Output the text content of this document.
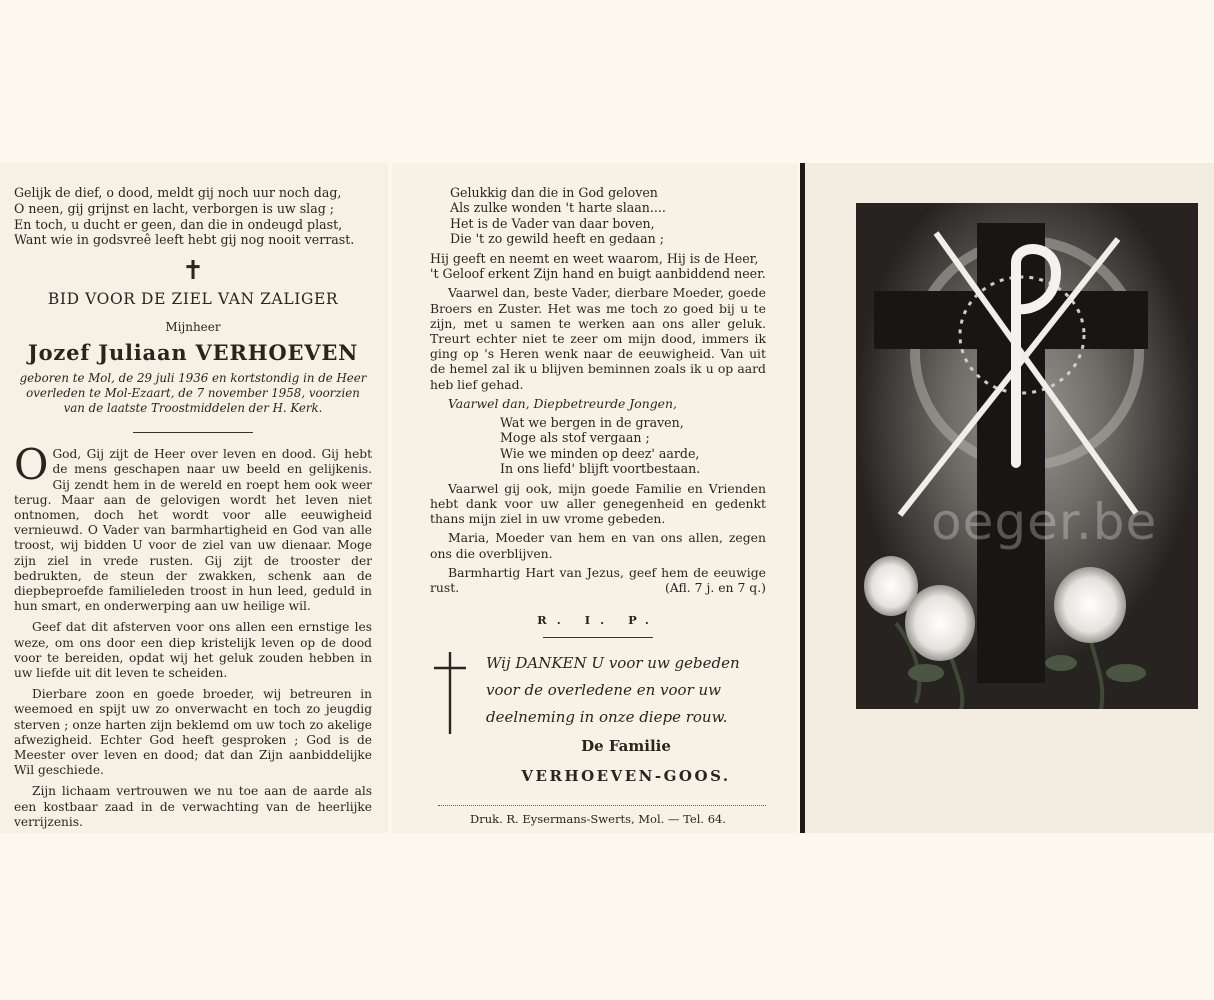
Gelijk de dief, o dood, meldt gij noch uur noch dag,
O neen, gij grijnst en lacht, verborgen is uw slag ;
En toch, u ducht er geen, dan die in ondeugd plast,
Want wie in godsvreê leeft hebt gij nog nooit verrast.

✝

BID VOOR DE ZIEL VAN ZALIGER

Mijnheer

Jozef Juliaan VERHOEVEN

geboren te Mol, de 29 juli 1936 en kortstondig in de Heer overleden te Mol-Ezaart, de 7 november 1958, voorzien van de laatste Troostmiddelen der H. Kerk.

O God, Gij zijt de Heer over leven en dood. Gij hebt de mens geschapen naar uw beeld en gelijkenis. Gij zendt hem in de wereld en roept hem ook weer terug. Maar aan de gelovigen wordt het leven niet ontnomen, doch het wordt voor alle eeuwigheid vernieuwd. O Vader van barmhartigheid en God van alle troost, wij bidden U voor de ziel van uw dienaar. Moge zijn ziel in vrede rusten. Gij zijt de trooster der bedrukten, de steun der zwakken, schenk aan de diepbeproefde familieleden troost in hun leed, geduld in hun smart, en onderwerping aan uw heilige wil.

Geef dat dit afsterven voor ons allen een ernstige les weze, om ons door een diep kristelijk leven op de dood voor te bereiden, opdat wij het geluk zouden hebben in uw liefde uit dit leven te scheiden.

Dierbare zoon en goede broeder, wij betreuren in weemoed en spijt uw zo onverwacht en toch zo jeugdig sterven ; onze harten zijn beklemd om uw toch zo akelige afwezigheid. Echter God heeft gesproken ; God is de Meester over leven en dood; dat dan Zijn aanbiddelijke Wil geschiede.

Zijn lichaam vertrouwen we nu toe aan de aarde als een kostbaar zaad in de verwachting van de heerlijke verrijzenis.

Gelukkig dan die in God geloven
Als zulke wonden 't harte slaan....
Het is de Vader van daar boven,
Die 't zo gewild heeft en gedaan ;

Hij geeft en neemt en weet waarom, Hij is de Heer,
't Geloof erkent Zijn hand en buigt aanbiddend neer.

Vaarwel dan, beste Vader, dierbare Moeder, goede Broers en Zuster. Het was me toch zo goed bij u te zijn, met u samen te werken aan ons aller geluk. Treurt echter niet te zeer om mijn dood, immers ik ging op 's Heren wenk naar de eeuwigheid. Van uit de hemel zal ik u blijven beminnen zoals ik u op aard heb lief gehad.

Vaarwel dan, Diepbetreurde Jongen,

Wat we bergen in de graven,
Moge als stof vergaan ;
Wie we minden op deez' aarde,
In ons liefd' blijft voortbestaan.

Vaarwel gij ook, mijn goede Familie en Vrienden hebt dank voor uw aller genegenheid en gedenkt thans mijn ziel in uw vrome gebeden.

Maria, Moeder van hem en van ons allen, zegen ons die overblijven.

Barmhartig Hart van Jezus, geef hem de eeuwige rust.	(Afl. 7 j. en 7 q.)

R. I. P.

Wij DANKEN U voor uw gebeden voor de overledene en voor uw deelneming in onze diepe rouw.

De Familie

VERHOEVEN-GOOS.

Druk. R. Eysermans-Swerts, Mol. — Tel. 64.

oeger.be
